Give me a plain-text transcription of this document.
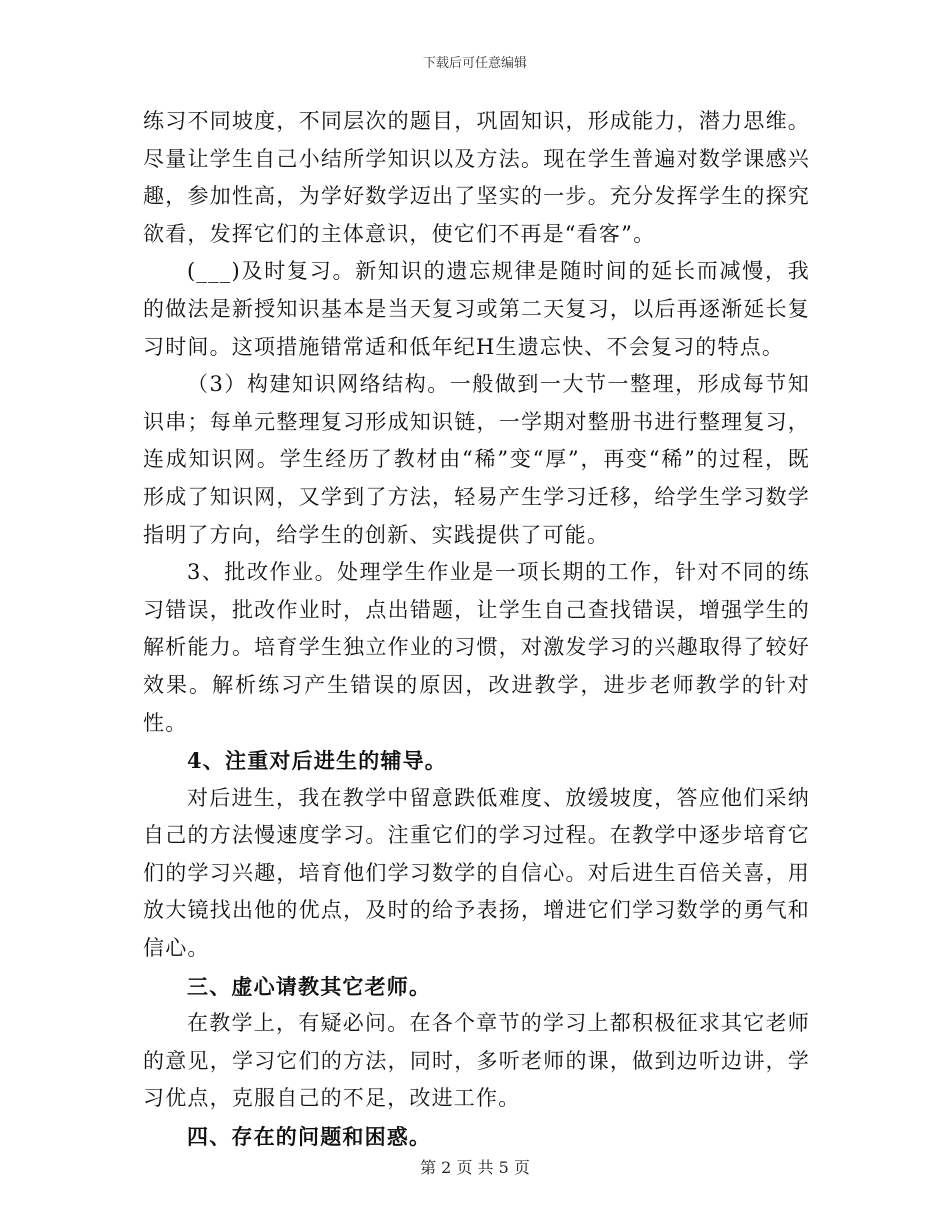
下载后可任意编辑

练习不同坡度，不同层次的题目，巩固知识，形成能力，潜力思维。尽量让学生自己小结所学知识以及方法。现在学生普遍对数学课感兴趣，参加性高，为学好数学迈出了坚实的一步。充分发挥学生的探究欲看，发挥它们的主体意识，使它们不再是“看客”。

(___)及时复习。新知识的遗忘规律是随时间的延长而减慢，我的做法是新授知识基本是当天复习或第二天复习，以后再逐渐延长复习时间。这项措施错常适和低年纪H生遗忘快、不会复习的特点。

（3）构建知识网络结构。一般做到一大节一整理，形成每节知识串；每单元整理复习形成知识链，一学期对整册书进行整理复习，连成知识网。学生经历了教材由“稀”变“厚”，再变“稀”的过程，既形成了知识网，又学到了方法，轻易产生学习迁移，给学生学习数学指明了方向，给学生的创新、实践提供了可能。

3、批改作业。处理学生作业是一项长期的工作，针对不同的练习错误，批改作业时，点出错题，让学生自己查找错误，增强学生的解析能力。培育学生独立作业的习惯，对激发学习的兴趣取得了较好效果。解析练习产生错误的原因，改进教学，进步老师教学的针对性。

4、注重对后进生的辅导。

对后进生，我在教学中留意跌低难度、放缓坡度，答应他们采纳自己的方法慢速度学习。注重它们的学习过程。在教学中逐步培育它们的学习兴趣，培育他们学习数学的自信心。对后进生百倍关喜，用放大镜找出他的优点，及时的给予表扬，增进它们学习数学的勇气和信心。

三、虚心请教其它老师。

在教学上，有疑必问。在各个章节的学习上都积极征求其它老师的意见，学习它们的方法，同时，多听老师的课，做到边听边讲，学习优点，克服自己的不足，改进工作。

四、存在的问题和困惑。

第 2 页 共 5 页
